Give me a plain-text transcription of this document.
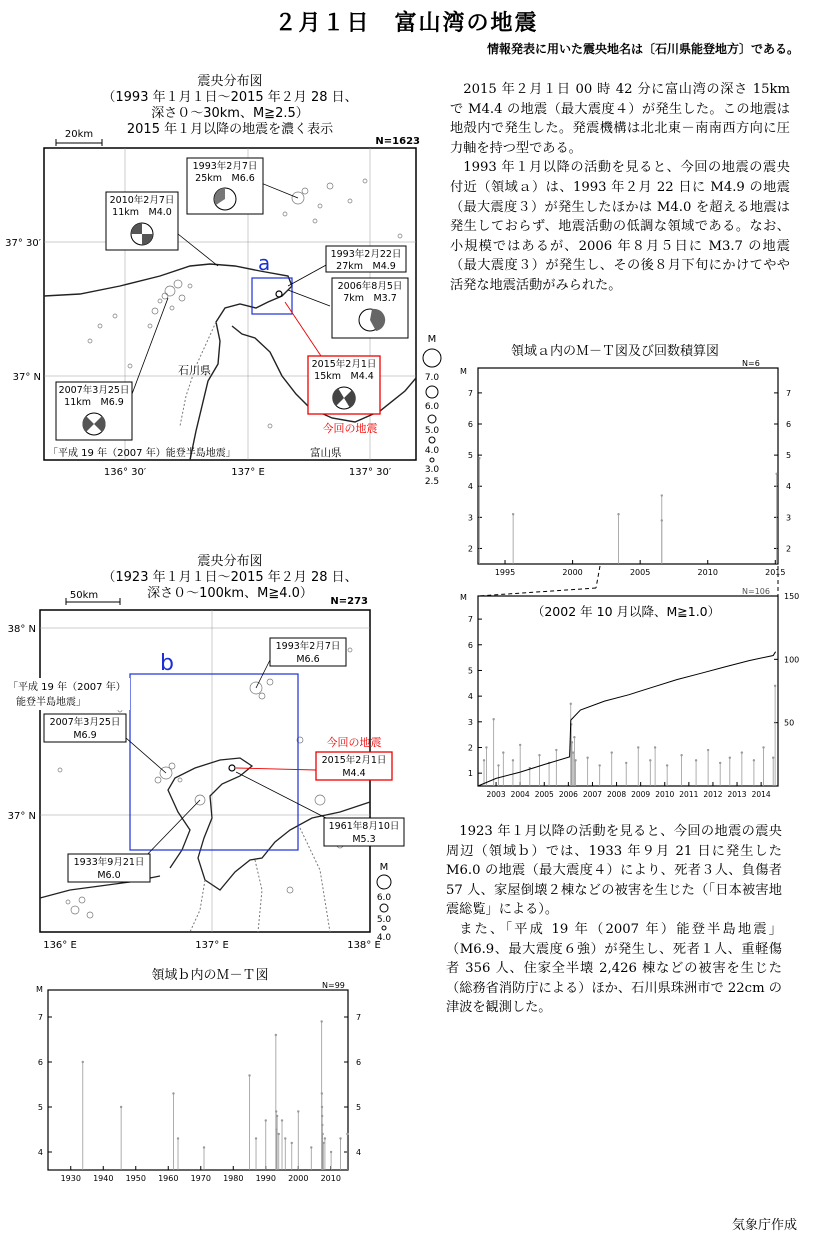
２月１日　富山湾の地震
情報発表に用いた震央地名は〔石川県能登地方〕である。
震央分布図
（1993 年１月１日～2015 年２月 28 日、
深さ０～30km、M≧2.5）
2015 年１月以降の地震を濃く表示
20km
N=1623
a
1993年2月7日
25km　M6.6
2010年2月7日
11km　M4.0
1993年2月22日
27km　M4.9
2006年8月5日
7km　M3.7
2007年3月25日
11km　M6.9
2015年2月1日
15km　M4.4
今回の地震
石川県
富山県
「平成 19 年（2007 年）能登半島地震」
37° 30′
37° N
136° 30′	137° E	137° 30′
M
7.0
6.0
5.0
4.0
3.0
2.5
震央分布図
（1923 年１月１日～2015 年２月 28 日、
深さ０～100km、M≧4.0）
50km
N=273
b
1993年2月7日
M6.6
2007年3月25日
M6.9
2015年2月1日
M4.4
今回の地震
1961年8月10日
M5.3
1933年9月21日
M6.0
「平成 19 年（2007 年）
能登半島地震」
38° N
37° N
136° E	137° E	138° E
M
6.0
5.0
4.0
領域ｂ内のＭ－Ｔ図
M	N=99
4	4
5	5
6	6
7	7
1930 1940 1950 1960 1970 1980 1990 2000 2010

2015 年２月１日 00 時 42 分に富山湾の深さ 15km で M4.4 の地震（最大震度４）が発生した。この地震は地殻内で発生した。発震機構は北北東－南南西方向に圧力軸を持つ型である。

1993 年１月以降の活動を見ると、今回の地震の震央付近（領域ａ）は、1993 年２月 22 日に M4.9 の地震（最大震度３）が発生したほかは M4.0 を超える地震は発生しておらず、地震活動の低調な領域である。なお、小規模ではあるが、2006 年８月５日に M3.7 の地震（最大震度３）が発生し、その後８月下旬にかけてやや活発な地震活動がみられた。

領域ａ内のＭ－Ｔ図及び回数積算図
M
N=6
2	2
3	3
4	4
5	5
6	6
7	7
1995	2000	2005	2010	2015
M
N=106
（2002 年 10 月以降、M≧1.0）
1
2
3
4
5
6
7
50
100
150
2003 2004 2005 2006 2007 2008 2009 2010 2011 2012 2013 2014

1923 年１月以降の活動を見ると、今回の地震の震央周辺（領域ｂ）では、1933 年９月 21 日に発生した M6.0 の地震（最大震度４）により、死者３人、負傷者 57 人、家屋倒壊２棟などの被害を生じた（「日本被害地震総覧」による）。

また、「平成 19 年（2007 年）能登半島地震」（M6.9、最大震度６強）が発生し、死者１人、重軽傷者 356 人、住家全半壊 2,426 棟などの被害を生じた（総務省消防庁による）ほか、石川県珠洲市で 22cm の津波を観測した。

気象庁作成
